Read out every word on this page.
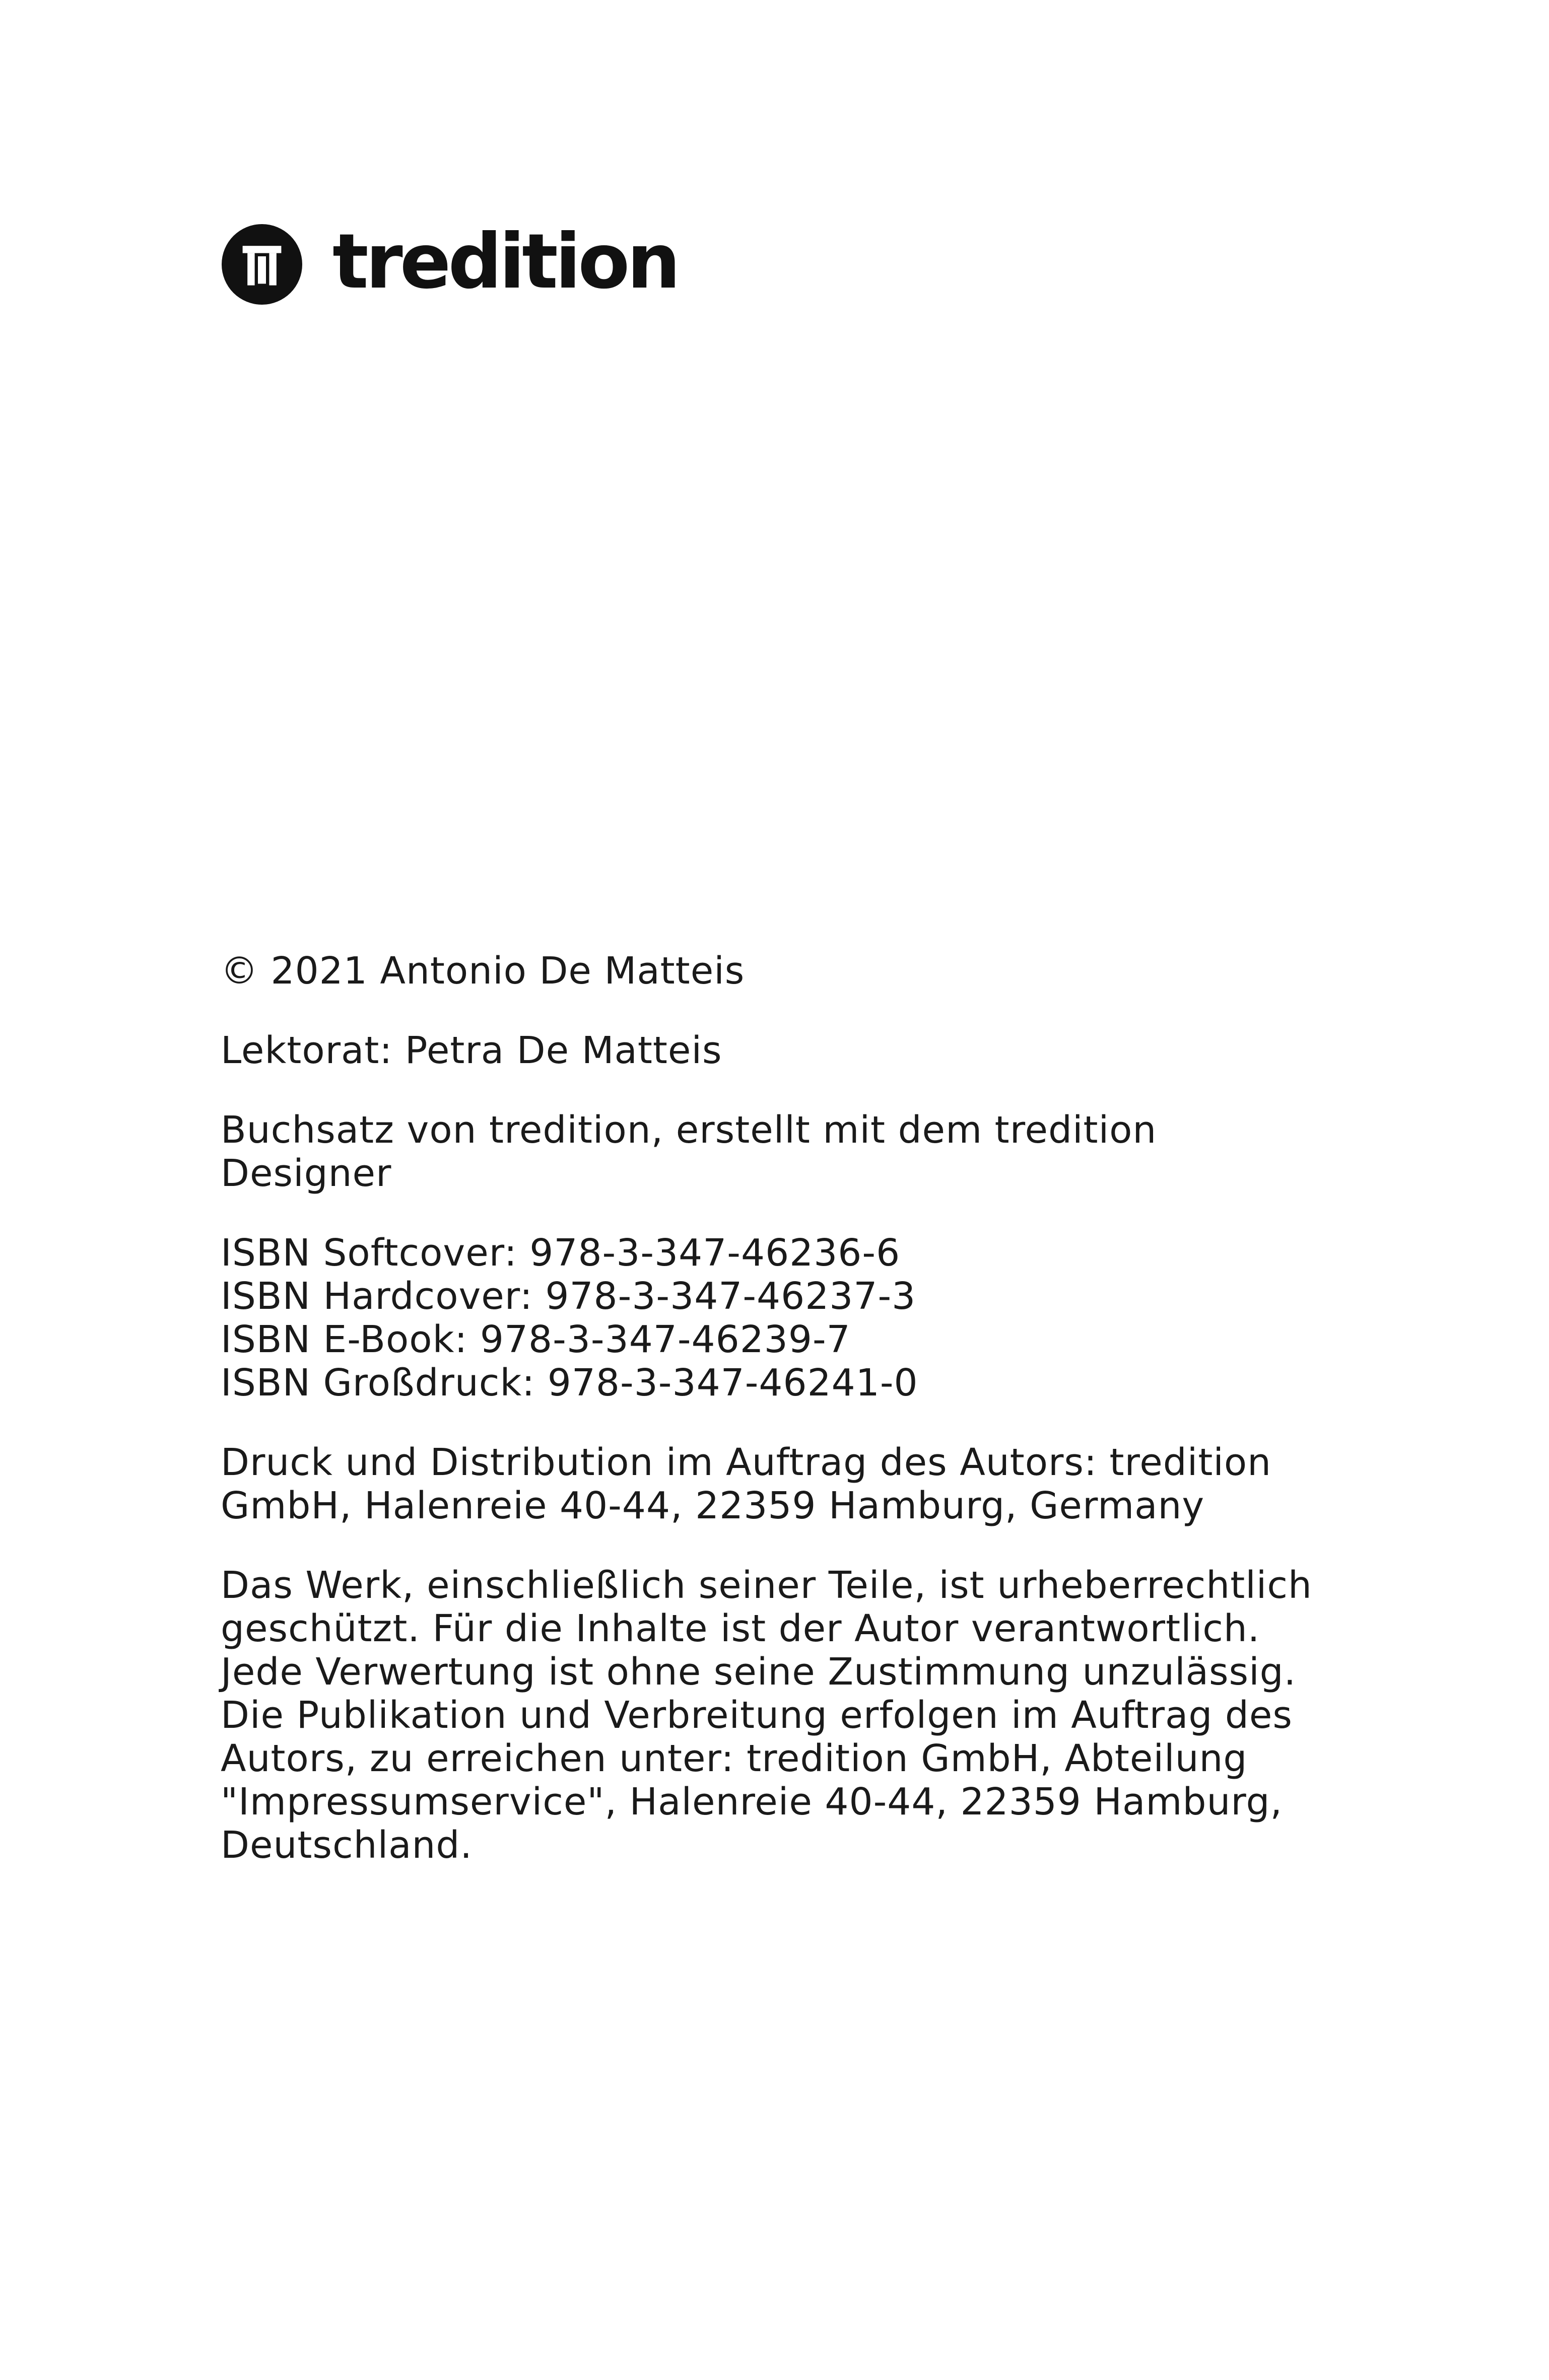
tredition

© 2021 Antonio De Matteis

Lektorat: Petra De Matteis

Buchsatz von tredition, erstellt mit dem tredition Designer

ISBN Softcover: 978-3-347-46236-6
ISBN Hardcover: 978-3-347-46237-3
ISBN E-Book: 978-3-347-46239-7
ISBN Großdruck: 978-3-347-46241-0

Druck und Distribution im Auftrag des Autors: tredition GmbH, Halenreie 40-44, 22359 Hamburg, Germany

Das Werk, einschließlich seiner Teile, ist urheberrechtlich geschützt. Für die Inhalte ist der Autor verantwortlich. Jede Verwertung ist ohne seine Zustimmung unzulässig. Die Publikation und Verbreitung erfolgen im Auftrag des Autors, zu erreichen unter: tredition GmbH, Abteilung "Impressumservice", Halenreie 40-44, 22359 Hamburg, Deutschland.
